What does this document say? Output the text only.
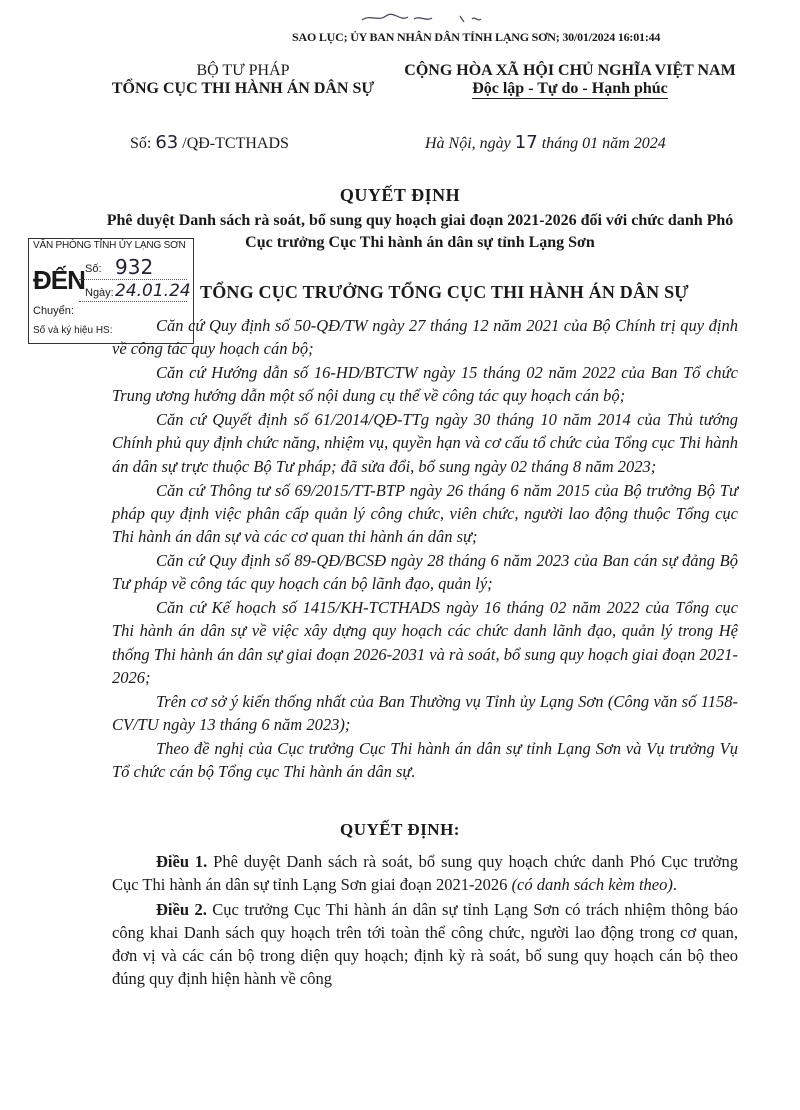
SAO LỤC; ỦY BAN NHÂN DÂN TỈNH LẠNG SƠN; 30/01/2024 16:01:44
BỘ TƯ PHÁP
TỔNG CỤC THI HÀNH ÁN DÂN SỰ
CỘNG HÒA XÃ HỘI CHỦ NGHĨA VIỆT NAM
Độc lập - Tự do - Hạnh phúc
Số: 63 /QĐ-TCTHADS	Hà Nội, ngày 17 tháng 01 năm 2024
QUYẾT ĐỊNH
Phê duyệt Danh sách rà soát, bổ sung quy hoạch giai đoạn 2021-2026 đối với chức danh Phó Cục trưởng Cục Thi hành án dân sự tỉnh Lạng Sơn
VĂN PHÒNG TỈNH ỦY LẠNG SƠN
ĐẾN Số: 932
Ngày: 24.01.24
Chuyển:
Số và ký hiệu HS:
TỔNG CỤC TRƯỞNG TỔNG CỤC THI HÀNH ÁN DÂN SỰ

Căn cứ Quy định số 50-QĐ/TW ngày 27 tháng 12 năm 2021 của Bộ Chính trị quy định về công tác quy hoạch cán bộ;

Căn cứ Hướng dẫn số 16-HD/BTCTW ngày 15 tháng 02 năm 2022 của Ban Tổ chức Trung ương hướng dẫn một số nội dung cụ thể về công tác quy hoạch cán bộ;

Căn cứ Quyết định số 61/2014/QĐ-TTg ngày 30 tháng 10 năm 2014 của Thủ tướng Chính phủ quy định chức năng, nhiệm vụ, quyền hạn và cơ cấu tổ chức của Tổng cục Thi hành án dân sự trực thuộc Bộ Tư pháp; đã sửa đổi, bổ sung ngày 02 tháng 8 năm 2023;

Căn cứ Thông tư số 69/2015/TT-BTP ngày 26 tháng 6 năm 2015 của Bộ trưởng Bộ Tư pháp quy định việc phân cấp quản lý công chức, viên chức, người lao động thuộc Tổng cục Thi hành án dân sự và các cơ quan thi hành án dân sự;

Căn cứ Quy định số 89-QĐ/BCSĐ ngày 28 tháng 6 năm 2023 của Ban cán sự đảng Bộ Tư pháp về công tác quy hoạch cán bộ lãnh đạo, quản lý;

Căn cứ Kế hoạch số 1415/KH-TCTHADS ngày 16 tháng 02 năm 2022 của Tổng cục Thi hành án dân sự về việc xây dựng quy hoạch các chức danh lãnh đạo, quản lý trong Hệ thống Thi hành án dân sự giai đoạn 2026-2031 và rà soát, bổ sung quy hoạch giai đoạn 2021-2026;

Trên cơ sở ý kiến thống nhất của Ban Thường vụ Tỉnh ủy Lạng Sơn (Công văn số 1158-CV/TU ngày 13 tháng 6 năm 2023);

Theo đề nghị của Cục trưởng Cục Thi hành án dân sự tỉnh Lạng Sơn và Vụ trưởng Vụ Tổ chức cán bộ Tổng cục Thi hành án dân sự.

QUYẾT ĐỊNH:

Điều 1. Phê duyệt Danh sách rà soát, bổ sung quy hoạch chức danh Phó Cục trưởng Cục Thi hành án dân sự tỉnh Lạng Sơn giai đoạn 2021-2026 (có danh sách kèm theo).

Điều 2. Cục trưởng Cục Thi hành án dân sự tỉnh Lạng Sơn có trách nhiệm thông báo công khai Danh sách quy hoạch trên tới toàn thể công chức, người lao động trong cơ quan, đơn vị và các cán bộ trong diện quy hoạch; định kỳ rà soát, bổ sung quy hoạch cán bộ theo đúng quy định hiện hành về công
